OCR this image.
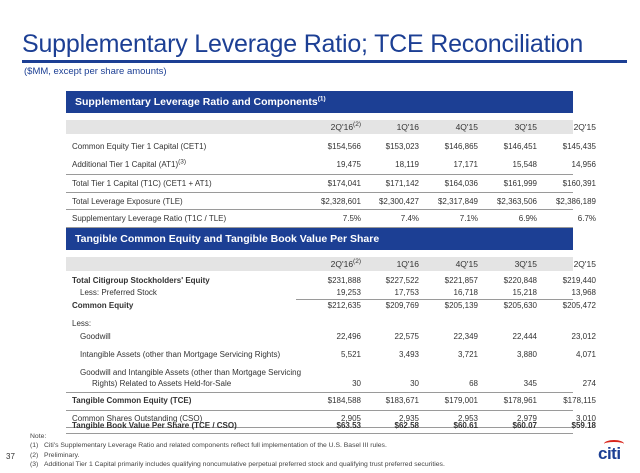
Supplementary Leverage Ratio; TCE Reconciliation
($MM, except per share amounts)
Supplementary Leverage Ratio and Components$^{(1)}$
2Q'16$^{(2)}$	1Q'16	4Q'15	3Q'15	2Q'15
Common Equity Tier 1 Capital (CET1)	$154,566	$153,023	$146,865	$146,451	$145,435
Additional Tier 1 Capital $(AT1)^{(3)}$	19,475	18,119	17,171	15,548	14,956
Total Tier 1 Capital (T1C) (CET1 + AT1)	$174,041	$171,142	$164,036	$161,999	$160,391
Total Leverage Exposure (TLE)	$2,328,601	$2,300,427	$2,317,849	$2,363,506	$2,386,189
Supplementary Leverage Ratio (T1C / TLE)	7.5%	7.4%	7.1%	6.9%	6.7%
Tangible Common Equity and Tangible Book Value Per Share
2Q'16$^{(2)}$	1Q'16	4Q'15	3Q'15	2Q'15
Total Citigroup Stockholders' Equity	$231,888	$227,522	$221,857	$220,848	$219,440
Less: Preferred Stock	19,253	17,753	16,718	15,218	13,968
Common Equity	$212,635	$209,769	$205,139	$205,630	$205,472
Less:
Goodwill	22,496	22,575	22,349	22,444	23,012
Intangible Assets (other than Mortgage Servicing Rights)	5,521	3,493	3,721	3,880	4,071
Goodwill and Intangible Assets (other than Mortgage Servicing
Rights) Related to Assets Held-for-Sale	30	30	68	345	274
Tangible Common Equity (TCE)	$184,588	$183,671	$179,001	$178,961	$178,115
Common Shares Outstanding (CSO)	2,905	2,935	2,953	2,979	3,010
Tangible Book Value Per Share (TCE / CSO)	$63.53	$62.58	$60.61	$60.07	$59.18
Note:
(1) Citi's Supplementary Leverage Ratio and related components reflect full implementation of the U.S. Basel III rules.
(2) Preliminary.
(3) Additional Tier 1 Capital primarily includes qualifying noncumulative perpetual preferred stock and qualifying trust preferred securities.
37	citi
